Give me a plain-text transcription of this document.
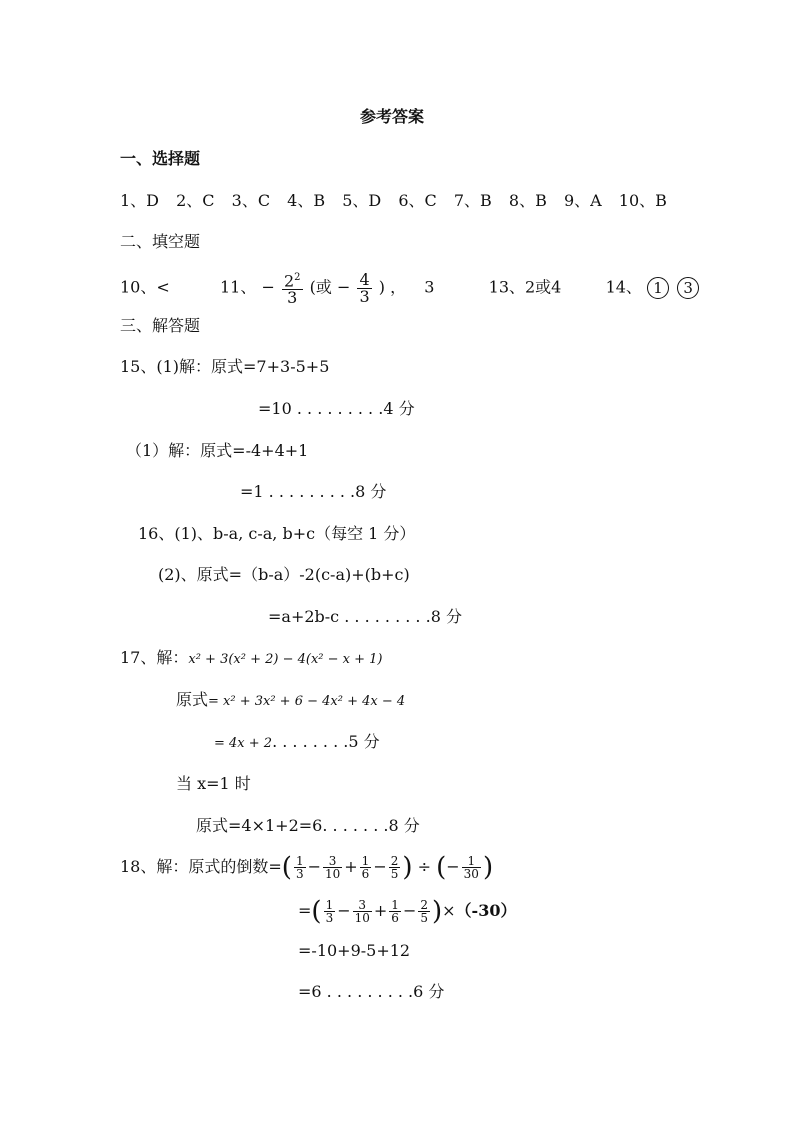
参考答案
一、选择题
1、D 2、C 3、C 4、B 5、D 6、C 7、B 8、B 9、A 10、B
二、填空题
10、<	11、 − $\frac{2^2}{3}$ (或 − $\frac{4}{3}$ ) ， 3	13、2或4	14、 1 3
三、解答题
15、(1)解：原式=7+3-5+5
=10 . . . . . . . . .4 分
（1）解：原式=-4+4+1
=1 . . . . . . . . .8 分
16、(1)、b-a, c-a, b+c（每空 1 分）
(2)、原式=（b-a）-2(c-a)+(b+c)
=a+2b-c . . . . . . . . .8 分
17、解：x² + 3(x² + 2) − 4(x² − x + 1)
原式= x² + 3x² + 6 − 4x² + 4x − 4
= 4x + 2. . . . . . . .5 分
当 x=1 时
原式=4×1+2=6. . . . . . .8 分
18、解：原式的倒数=( $\frac{1}{3} - \frac{3}{10} + \frac{1}{6} - \frac{2}{5}$ ) ÷ (− $\frac{1}{30}$ )
=( $\frac{1}{3} - \frac{3}{10} + \frac{1}{6} - \frac{2}{5} )\times(-30)$
=-10+9-5+12
=6 . . . . . . . . .6 分
